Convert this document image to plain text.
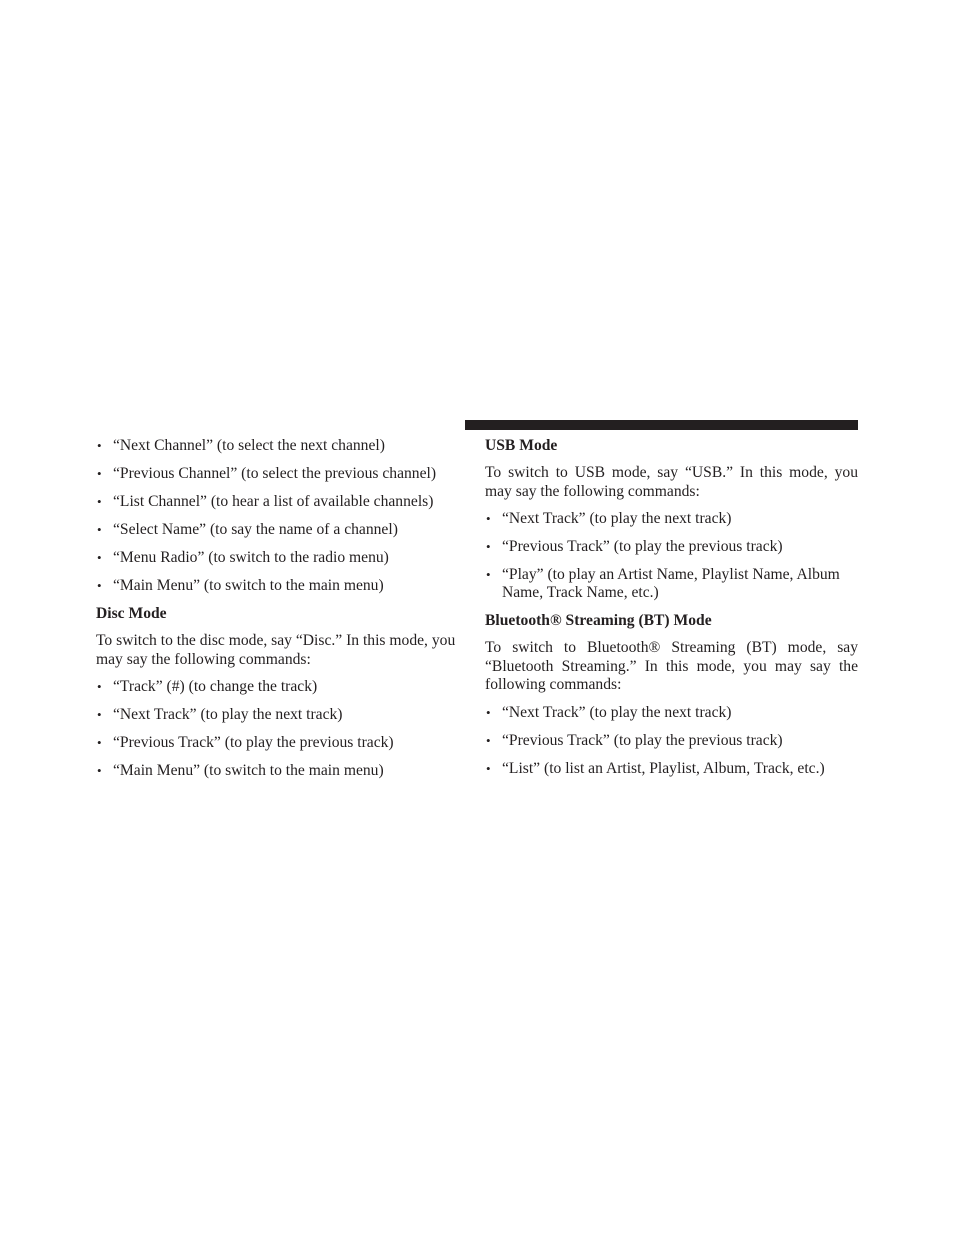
• “Next Channel” (to select the next channel)
• “Previous Channel” (to select the previous channel)
• “List Channel” (to hear a list of available channels)
• “Select Name” (to say the name of a channel)
• “Menu Radio” (to switch to the radio menu)
• “Main Menu” (to switch to the main menu)
Disc Mode
To switch to the disc mode, say “Disc.” In this mode, you may say the following commands:
• “Track” (#) (to change the track)
• “Next Track” (to play the next track)
• “Previous Track” (to play the previous track)
• “Main Menu” (to switch to the main menu)
USB Mode
To switch to USB mode, say “USB.” In this mode, you may say the following commands:
• “Next Track” (to play the next track)
• “Previous Track” (to play the previous track)
• “Play” (to play an Artist Name, Playlist Name, Album Name, Track Name, etc.)
Bluetooth® Streaming (BT) Mode
To switch to Bluetooth® Streaming (BT) mode, say “Bluetooth Streaming.” In this mode, you may say the following commands:
• “Next Track” (to play the next track)
• “Previous Track” (to play the previous track)
• “List” (to list an Artist, Playlist, Album, Track, etc.)
